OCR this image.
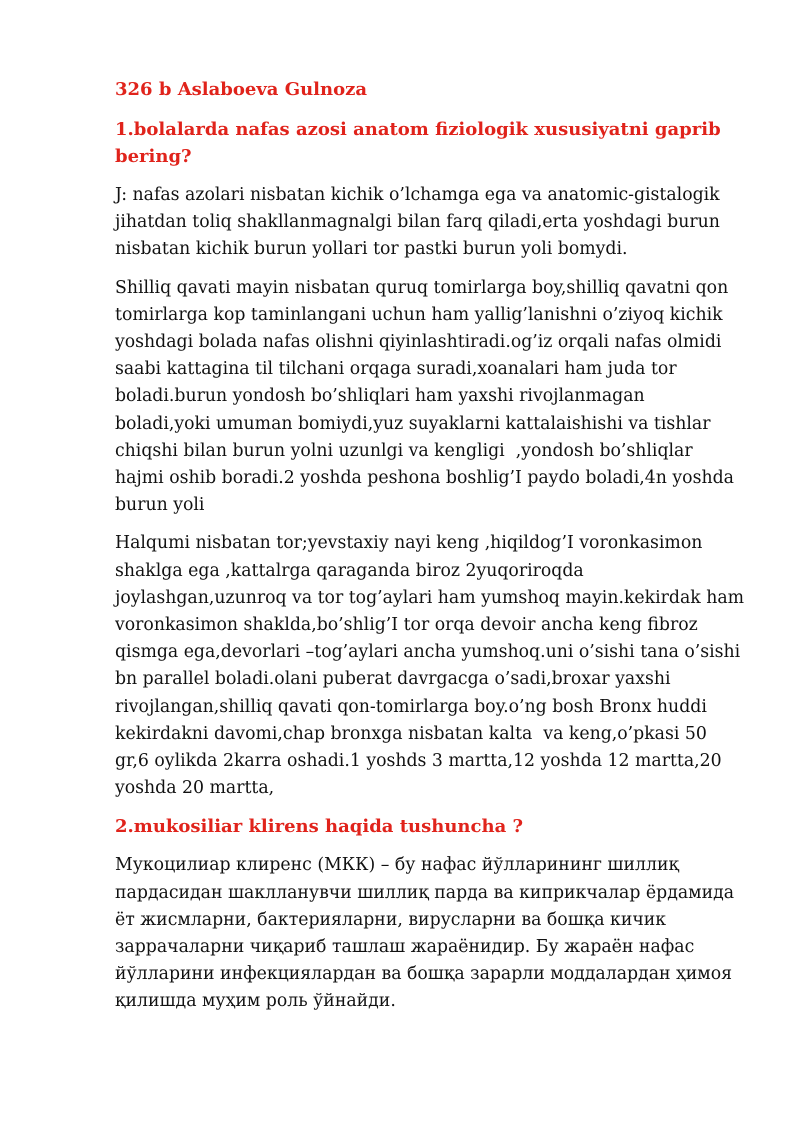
326 b Aslaboeva Gulnoza
1.bolalarda nafas azosi anatom fiziologik xususiyatni gaprib bering?

J: nafas azolari nisbatan kichik o’lchamga ega va anatomic-gistalogik jihatdan toliq shakllanmagnalgi bilan farq qiladi,erta yoshdagi burun nisbatan kichik burun yollari tor pastki burun yoli bomydi.

Shilliq qavati mayin nisbatan quruq tomirlarga boy,shilliq qavatni qon tomirlarga kop taminlangani uchun ham yallig’lanishni o’ziyoq kichik yoshdagi bolada nafas olishni qiyinlashtiradi.og’iz orqali nafas olmidi saabi kattagina til tilchani orqaga suradi,xoanalari ham juda tor boladi.burun yondosh bo’shliqlari ham yaxshi rivojlanmagan boladi,yoki umuman bomiydi,yuz suyaklarni kattalaishishi va tishlar chiqshi bilan burun yolni uzunlgi va kengligi  ,yondosh bo’shliqlar hajmi oshib boradi.2 yoshda peshona boshlig’I paydo boladi,4n yoshda burun yoli

Halqumi nisbatan tor;yevstaxiy nayi keng ,hiqildog’I voronkasimon shaklga ega ,kattalrga qaraganda biroz 2yuqoriroqda joylashgan,uzunroq va tor tog’aylari ham yumshoq mayin.kekirdak ham voronkasimon shaklda,bo’shlig’I tor orqa devoir ancha keng fibroz qismga ega,devorlari –tog’aylari ancha yumshoq.uni o’sishi tana o’sishi bn parallel boladi.olani puberat davrgacga o’sadi,broxar yaxshi rivojlangan,shilliq qavati qon-tomirlarga boy.o’ng bosh Bronx huddi kekirdakni davomi,chap bronxga nisbatan kalta  va keng,o’pkasi 50 gr,6 oylikda 2karra oshadi.1 yoshds 3 martta,12 yoshda 12 martta,20 yoshda 20 martta,

2.mukosiliar klirens haqida tushuncha ?

Мукоцилиар клиренс (МКК) – бу нафас йўлларининг шиллиқ пардасидан шаклланувчи шиллиқ парда ва киприкчалар ёрдамида ёт жисмларни, бактерияларни, вирусларни ва бошқа кичик заррачаларни чиқариб ташлаш жараёнидир. Бу жараён нафас йўлларини инфекциялардан ва бошқа зарарли моддалардан ҳимоя қилишда муҳим роль ўйнайди.
